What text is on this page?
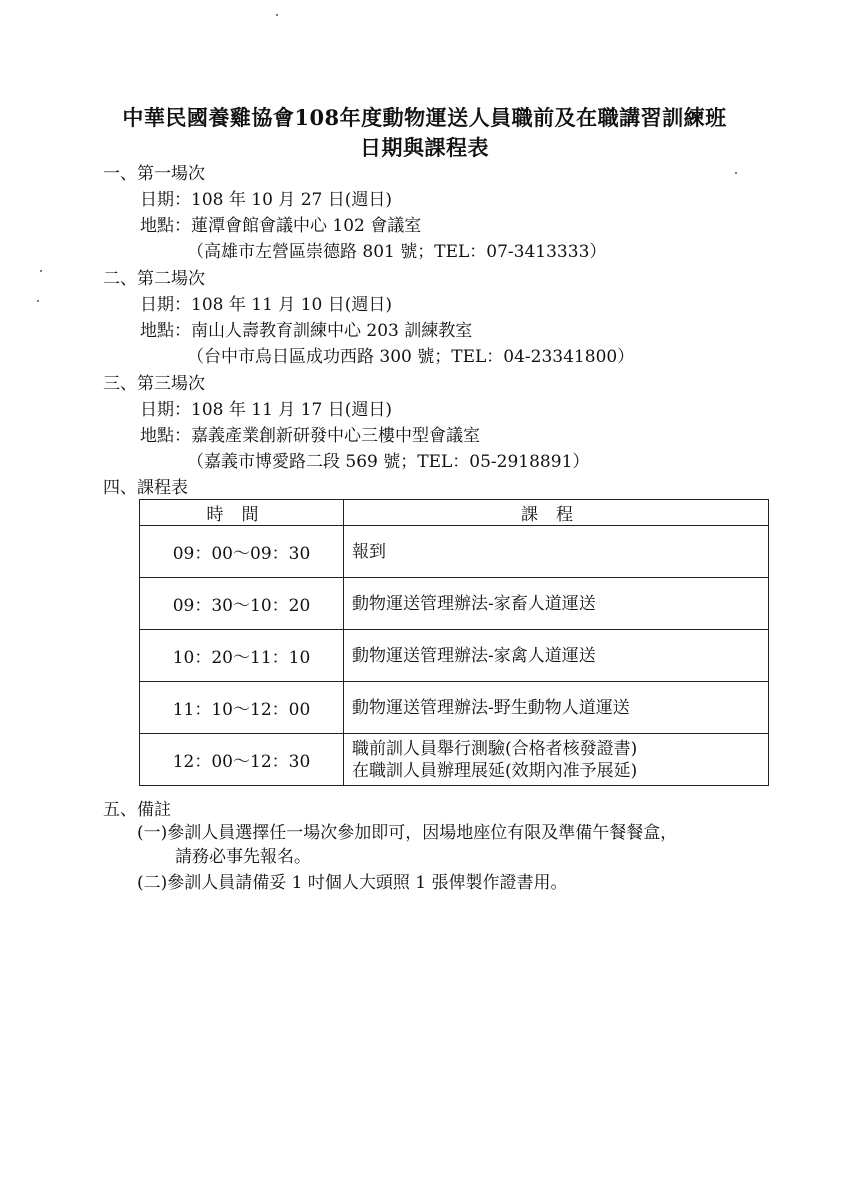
中華民國養雞協會108年度動物運送人員職前及在職講習訓練班
日期與課程表
一、第一場次
日期：108 年 10 月 27 日(週日)
地點：蓮潭會館會議中心 102 會議室
（高雄市左營區崇德路 801 號；TEL：07-3413333）
二、第二場次
日期：108 年 11 月 10 日(週日)
地點：南山人壽教育訓練中心 203 訓練教室
（台中市烏日區成功西路 300 號；TEL：04-23341800）
三、第三場次
日期：108 年 11 月 17 日(週日)
地點：嘉義產業創新研發中心三樓中型會議室
（嘉義市博愛路二段 569 號；TEL：05-2918891）
四、課程表
時間	課程
09：00～09：30	報到

09：30～10：20	動物運送管理辦法-家畜人道運送

10：20～11：10	動物運送管理辦法-家禽人道運送

11：10～12：00	動物運送管理辦法-野生動物人道運送

12：00～12：30	職前訓人員舉行測驗(合格者核發證書)
在職訓人員辦理展延(效期內准予展延)
五、備註
(一)參訓人員選擇任一場次參加即可，因場地座位有限及準備午餐餐盒，
請務必事先報名。
(二)參訓人員請備妥 1 吋個人大頭照 1 張俾製作證書用。
